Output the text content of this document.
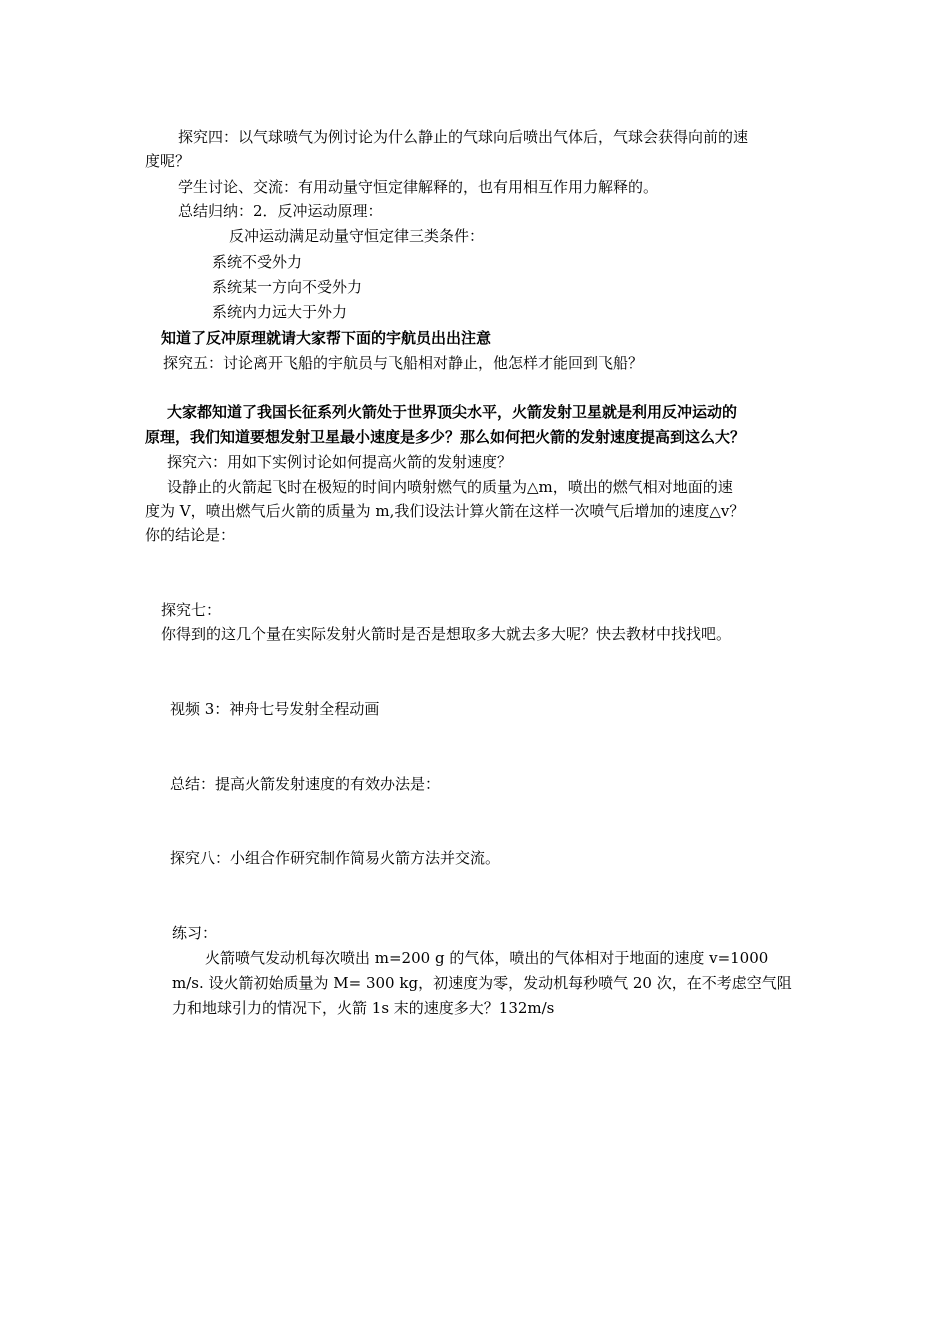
探究四：以气球喷气为例讨论为什么静止的气球向后喷出气体后，气球会获得向前的速

度呢？

学生讨论、交流：有用动量守恒定律解释的，也有用相互作用力解释的。

总结归纳：2．反冲运动原理：

反冲运动满足动量守恒定律三类条件：

系统不受外力

系统某一方向不受外力

系统内力远大于外力

知道了反冲原理就请大家帮下面的宇航员出出注意

探究五：讨论离开飞船的宇航员与飞船相对静止，他怎样才能回到飞船？

大家都知道了我国长征系列火箭处于世界顶尖水平，火箭发射卫星就是利用反冲运动的

原理，我们知道要想发射卫星最小速度是多少？那么如何把火箭的发射速度提高到这么大？

探究六：用如下实例讨论如何提高火箭的发射速度？

设静止的火箭起飞时在极短的时间内喷射燃气的质量为△m，喷出的燃气相对地面的速

度为 V，喷出燃气后火箭的质量为 m,我们设法计算火箭在这样一次喷气后增加的速度△v？

你的结论是：

探究七：

你得到的这几个量在实际发射火箭时是否是想取多大就去多大呢？快去教材中找找吧。

视频 3：神舟七号发射全程动画

总结：提高火箭发射速度的有效办法是：

探究八：小组合作研究制作简易火箭方法并交流。

练习：

火箭喷气发动机每次喷出 m=200 g 的气体，喷出的气体相对于地面的速度 v=1000

m/s. 设火箭初始质量为 M= 300 kg，初速度为零，发动机每秒喷气 20 次，在不考虑空气阻

力和地球引力的情况下，火箭 1s 末的速度多大？132m/s
